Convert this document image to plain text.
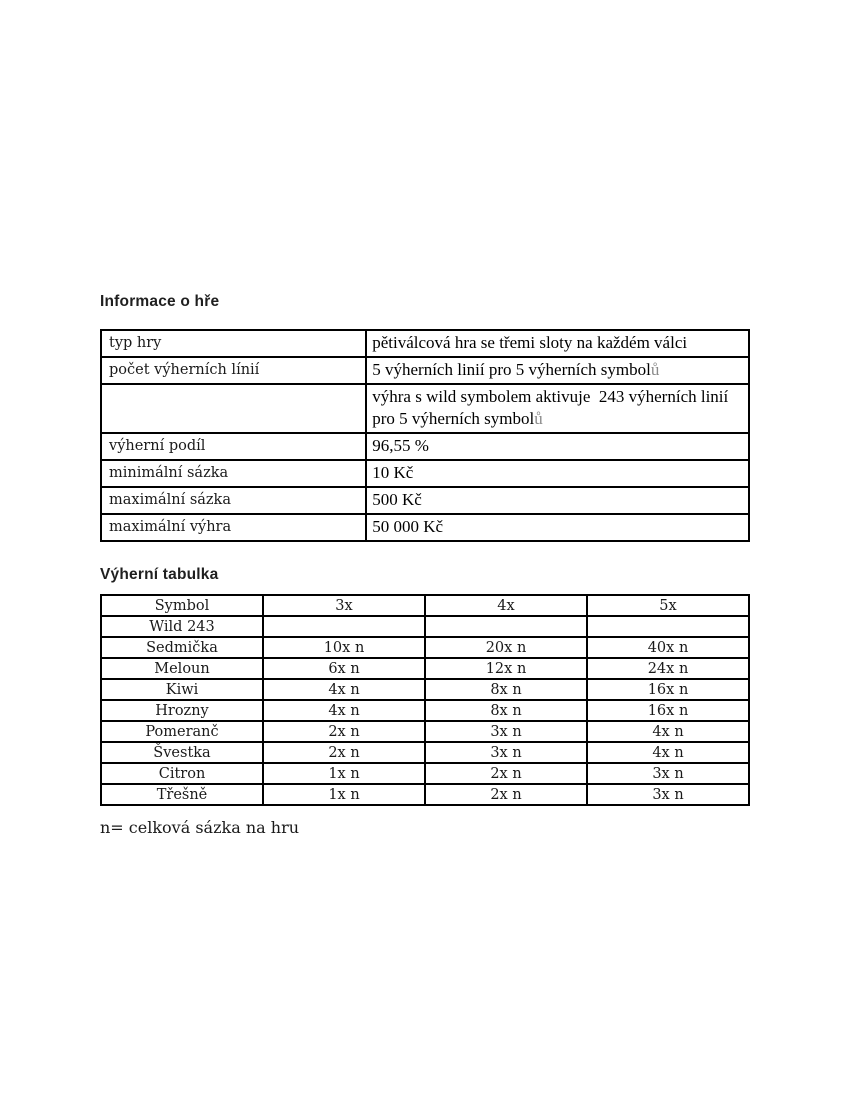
Informace o hře
typ hry	pětiválcová hra se třemi sloty na každém válci
počet výherních línií	5 výherních linií pro 5 výherních symbolů
	výhra s wild symbolem aktivuje  243 výherních linií pro 5 výherních symbolů
výherní podíl	96,55 %
minimální sázka	10 Kč
maximální sázka	500 Kč
maximální výhra	50 000 Kč
Výherní tabulka
Symbol	3x	4x	5x
Wild 243			
Sedmička	10x n	20x n	40x n
Meloun	6x n	12x n	24x n
Kiwi	4x n	8x n	16x n
Hrozny	4x n	8x n	16x n
Pomeranč	2x n	3x n	4x n
Švestka	2x n	3x n	4x n
Citron	1x n	2x n	3x n
Třešně	1x n	2x n	3x n

n= celková sázka na hru
